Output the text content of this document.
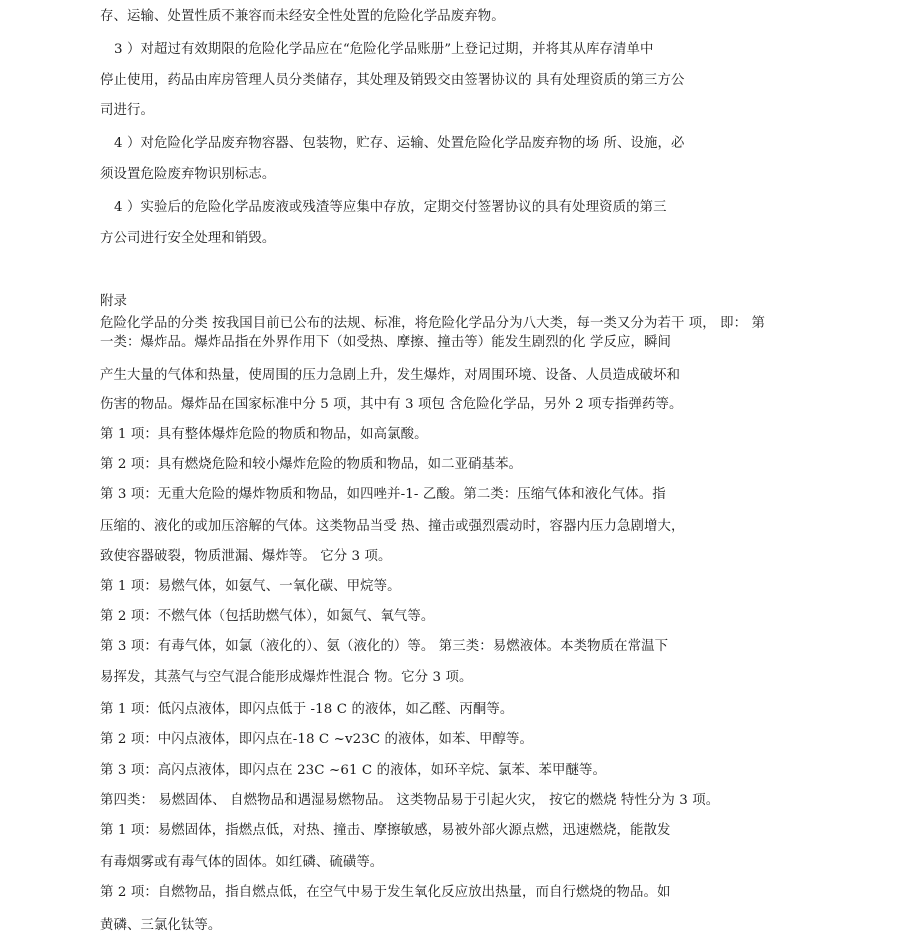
存、运输、处置性质不兼容而未经安全性处置的危险化学品废弃物。
3 ）对超过有效期限的危险化学品应在“危险化学品账册”上登记过期，并将其从库存清单中
停止使用，药品由库房管理人员分类储存，其处理及销毁交由签署协议的 具有处理资质的第三方公
司进行。
4 ）对危险化学品废弃物容器、包装物，贮存、运输、处置危险化学品废弃物的场 所、设施，必
须设置危险废弃物识别标志。
4 ）实验后的危险化学品废液或残渣等应集中存放，定期交付签署协议的具有处理资质的第三
方公司进行安全处理和销毁。
附录
危险化学品的分类 按我国目前已公布的法规、标准，将危险化学品分为八大类，每一类又分为若干 项， 即： 第
一类：爆炸品。爆炸品指在外界作用下（如受热、摩擦、撞击等）能发生剧烈的化 学反应，瞬间
产生大量的气体和热量，使周围的压力急剧上升，发生爆炸，对周围环境、设备、人员造成破坏和
伤害的物品。爆炸品在国家标准中分 5 项，其中有 3 项包 含危险化学品，另外 2 项专指弹药等。
第 1 项：具有整体爆炸危险的物质和物品，如高氯酸。
第 2 项：具有燃烧危险和较小爆炸危险的物质和物品，如二亚硝基苯。
第 3 项：无重大危险的爆炸物质和物品，如四唑并-1- 乙酸。第二类：压缩气体和液化气体。指
压缩的、液化的或加压溶解的气体。这类物品当受 热、撞击或强烈震动时，容器内压力急剧增大，
致使容器破裂，物质泄漏、爆炸等。 它分 3 项。
第 1 项：易燃气体，如氨气、一氧化碳、甲烷等。
第 2 项：不燃气体（包括助燃气体），如氮气、氧气等。
第 3 项：有毒气体，如氯（液化的）、氨（液化的）等。 第三类：易燃液体。本类物质在常温下
易挥发，其蒸气与空气混合能形成爆炸性混合 物。它分 3 项。
第 1 项：低闪点液体，即闪点低于 -18 C 的液体，如乙醛、丙酮等。
第 2 项：中闪点液体，即闪点在-18 C ~v23C 的液体，如苯、甲醇等。
第 3 项：高闪点液体，即闪点在 23C ~61 C 的液体，如环辛烷、氯苯、苯甲醚等。
第四类： 易燃固体、 自燃物品和遇湿易燃物品。 这类物品易于引起火灾， 按它的燃烧 特性分为 3 项。
第 1 项：易燃固体，指燃点低，对热、撞击、摩擦敏感，易被外部火源点燃，迅速燃烧，能散发
有毒烟雾或有毒气体的固体。如红磷、硫磺等。
第 2 项：自燃物品，指自燃点低，在空气中易于发生氧化反应放出热量，而自行燃烧的物品。如
黄磷、三氯化钛等。
